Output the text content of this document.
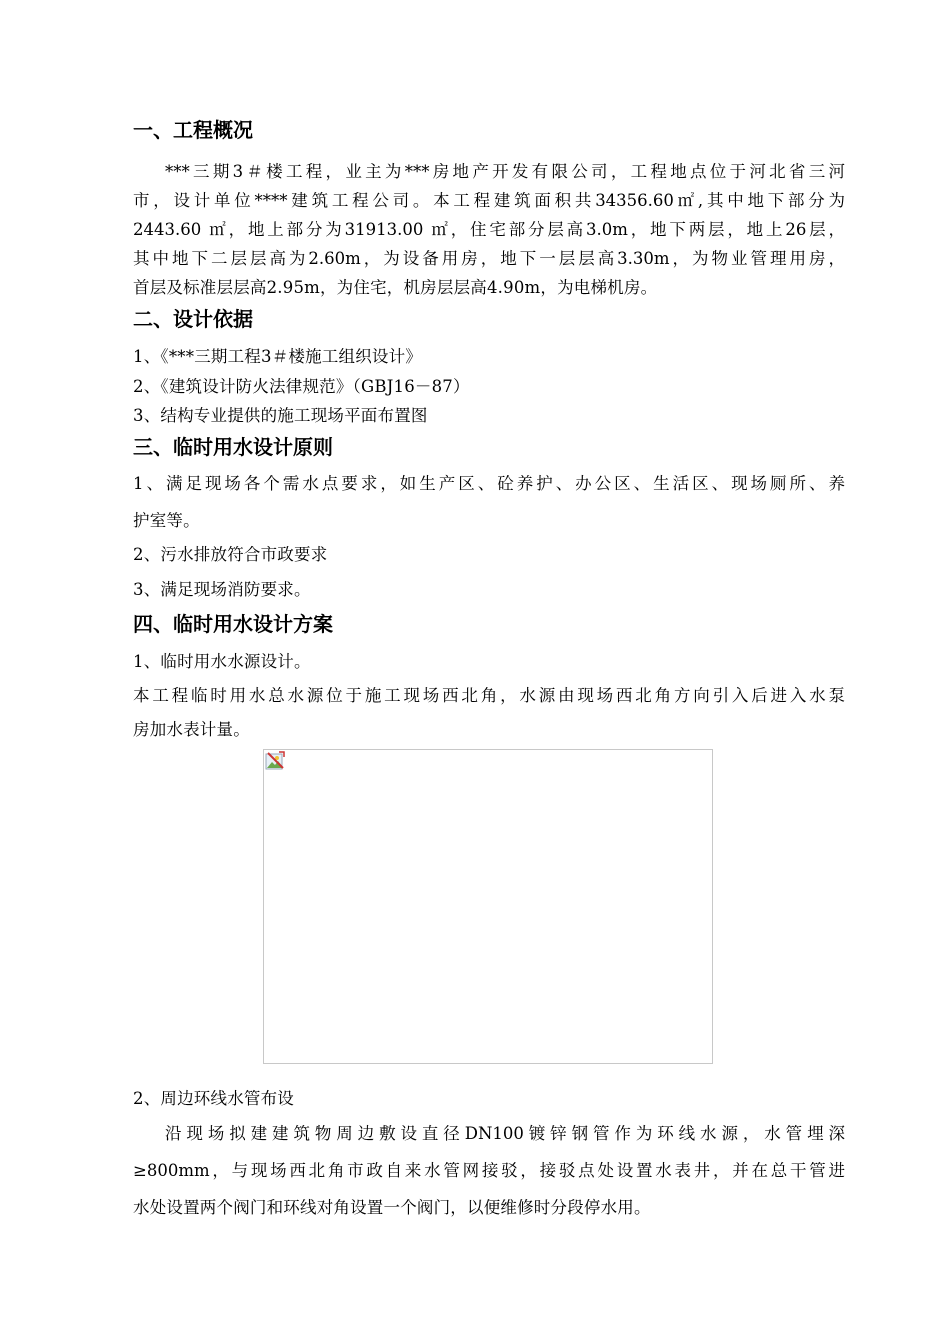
一、工程概况
***三期3＃楼工程，业主为***房地产开发有限公司，工程地点位于河北省三河
市，设计单位****建筑工程公司。本工程建筑面积共34356.60㎡,其中地下部分为
2443.60 ㎡，地上部分为31913.00 ㎡，住宅部分层高3.0m，地下两层，地上26层，
其中地下二层层高为2.60m，为设备用房，地下一层层高3.30m，为物业管理用房，
首层及标准层层高2.95m，为住宅，机房层层高4.90m，为电梯机房。
二、设计依据
1、《***三期工程3＃楼施工组织设计》
2、《建筑设计防火法律规范》（GBJ16－87）
3、结构专业提供的施工现场平面布置图
三、临时用水设计原则
1、满足现场各个需水点要求，如生产区、砼养护、办公区、生活区、现场厕所、养
护室等。
2、污水排放符合市政要求
3、满足现场消防要求。
四、临时用水设计方案
1、临时用水水源设计。
本工程临时用水总水源位于施工现场西北角，水源由现场西北角方向引入后进入水泵
房加水表计量。
2、周边环线水管布设
沿现场拟建建筑物周边敷设直径DN100镀锌钢管作为环线水源，水管埋深
≥800mm，与现场西北角市政自来水管网接驳，接驳点处设置水表井，并在总干管进
水处设置两个阀门和环线对角设置一个阀门，以便维修时分段停水用。
